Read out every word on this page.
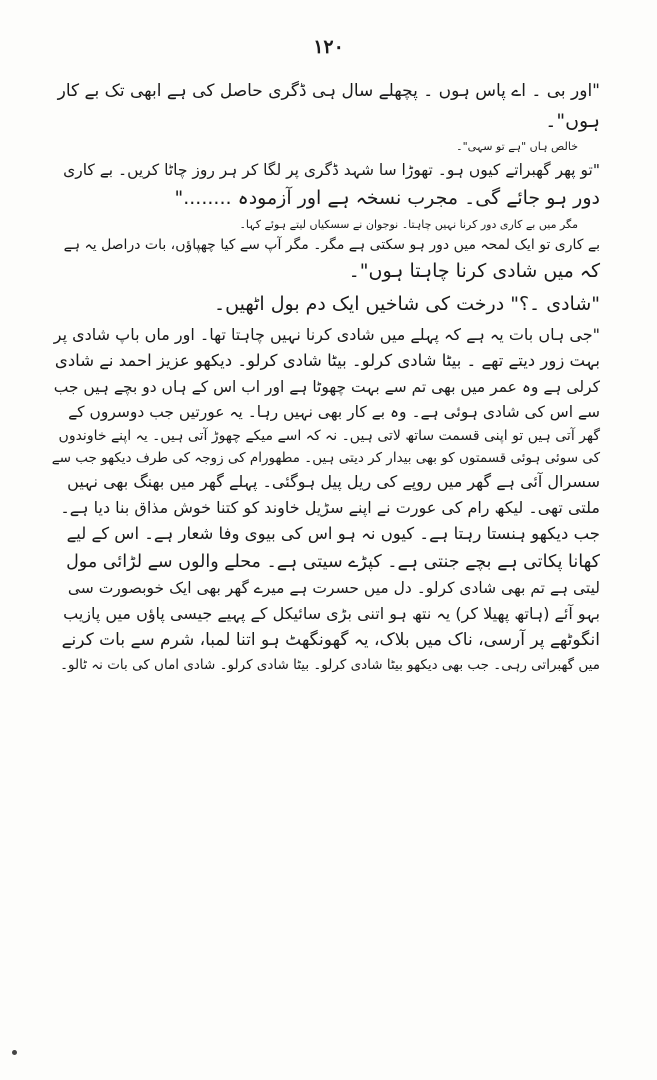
۱۲۰
"اور بی ۔ اے پاس ہوں ۔ پچھلے سال ہی ڈگری حاصل کی ہے ابھی تک بے کار
ہوں"۔
خالص ہاں "ہے تو سہی"۔
"تو پھر گھبراتے کیوں ہو۔ تھوڑا سا شہد ڈگری پر لگا کر ہر روز چاٹا کریں۔ بے کاری
دور ہو جائے گی۔ مجرب نسخہ ہے اور آزمودہ ........"
مگر میں بے کاری دور کرنا نہیں چاہتا۔ نوجوان نے سسکیاں لیتے ہوئے کہا۔
بے کاری تو ایک لمحہ میں دور ہو سکتی ہے مگر۔ مگر آپ سے کیا چھپاؤں، بات دراصل یہ ہے
کہ میں شادی کرنا چاہتا ہوں"۔
"شادی ۔؟" درخت کی شاخیں ایک دم بول اٹھیں۔
"جی ہاں بات یہ ہے کہ پہلے میں شادی کرنا نہیں چاہتا تھا۔ اور ماں باپ شادی پر
بہت زور دیتے تھے ۔ بیٹا شادی کرلو۔ بیٹا شادی کرلو۔ دیکھو عزیز احمد نے شادی
کرلی ہے وہ عمر میں بھی تم سے بہت چھوٹا ہے اور اب اس کے ہاں دو بچے ہیں جب
سے اس کی شادی ہوئی ہے۔ وہ بے کار بھی نہیں رہا۔ یہ عورتیں جب دوسروں کے
گھر آتی ہیں تو اپنی قسمت ساتھ لاتی ہیں۔ نہ کہ اسے میکے چھوڑ آتی ہیں۔ یہ اپنے خاوندوں
کی سوئی ہوئی قسمتوں کو بھی بیدار کر دیتی ہیں۔ مطھورام کی زوجہ کی طرف دیکھو جب سے
سسرال آئی ہے گھر میں روپے کی ریل پیل ہوگئی۔ پہلے گھر میں بھنگ بھی نہیں
ملتی تھی۔ لیکھ رام کی عورت نے اپنے سڑیل خاوند کو کتنا خوش مذاق بنا دیا ہے۔
جب دیکھو ہنستا رہتا ہے۔ کیوں نہ ہو اس کی بیوی وفا شعار ہے۔ اس کے لیے
کھانا پکاتی ہے بچے جنتی ہے۔ کپڑے سیتی ہے۔ محلے والوں سے لڑائی مول
لیتی ہے تم بھی شادی کرلو۔ دل میں حسرت ہے میرے گھر بھی ایک خوبصورت سی
بہو آئے (ہاتھ پھیلا کر) یہ نتھ ہو اتنی بڑی سائیکل کے پہیے جیسی پاؤں میں پازیب
انگوٹھے پر آرسی، ناک میں بلاک، یہ گھونگھٹ ہو اتنا لمبا، شرم سے بات کرنے
میں گھبراتی رہی۔ جب بھی دیکھو بیٹا شادی کرلو۔ بیٹا شادی کرلو۔ شادی اماں کی بات نہ ٹالو۔
